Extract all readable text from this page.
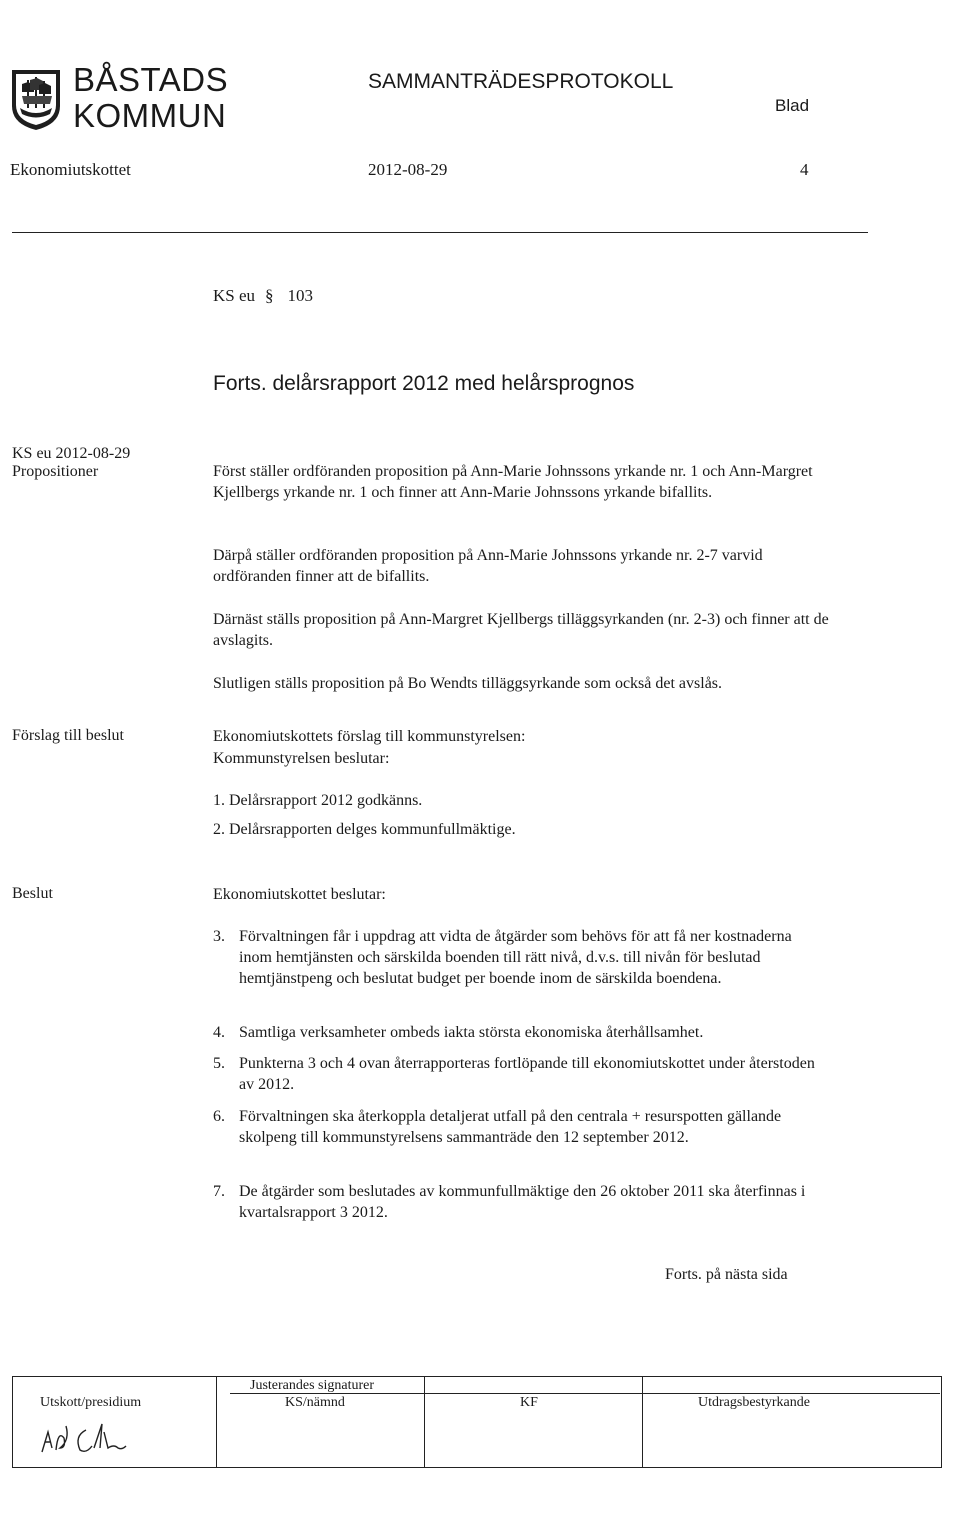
BÅSTADS
KOMMUN
SAMMANTRÄDESPROTOKOLL
Blad
Ekonomiutskottet	2012-08-29	4
KS eu § 103
Forts. delårsrapport 2012 med helårsprognos
KS eu 2012-08-29
Propositioner	Först ställer ordföranden proposition på Ann-Marie Johnssons yrkande nr. 1 och Ann-Margret Kjellbergs yrkande nr. 1 och finner att Ann-Marie Johnssons yrkande bifallits.
Därpå ställer ordföranden proposition på Ann-Marie Johnssons yrkande nr. 2-7 varvid ordföranden finner att de bifallits.
Därnäst ställs proposition på Ann-Margret Kjellbergs tilläggsyrkanden (nr. 2-3) och finner att de avslagits.
Slutligen ställs proposition på Bo Wendts tilläggsyrkande som också det avslås.
Förslag till beslut	Ekonomiutskottets förslag till kommunstyrelsen:
Kommunstyrelsen beslutar:
1. Delårsrapport 2012 godkänns.
2. Delårsrapporten delges kommunfullmäktige.
Beslut	Ekonomiutskottet beslutar:
3. Förvaltningen får i uppdrag att vidta de åtgärder som behövs för att få ner kostnaderna inom hemtjänsten och särskilda boenden till rätt nivå, d.v.s. till nivån för beslutad hemtjänstpeng och beslutat budget per boende inom de särskilda boendena.
4. Samtliga verksamheter ombeds iakta största ekonomiska återhållsamhet.
5. Punkterna 3 och 4 ovan återrapporteras fortlöpande till ekonomiutskottet under återstoden av 2012.
6. Förvaltningen ska återkoppla detaljerat utfall på den centrala + resurspotten gällande skolpeng till kommunstyrelsens sammanträde den 12 september 2012.
7. De åtgärder som beslutades av kommunfullmäktige den 26 oktober 2011 ska återfinnas i kvartalsrapport 3 2012.
Forts. på nästa sida
Justerandes signaturer
Utskott/presidium	KS/nämnd	KF	Utdragsbestyrkande
